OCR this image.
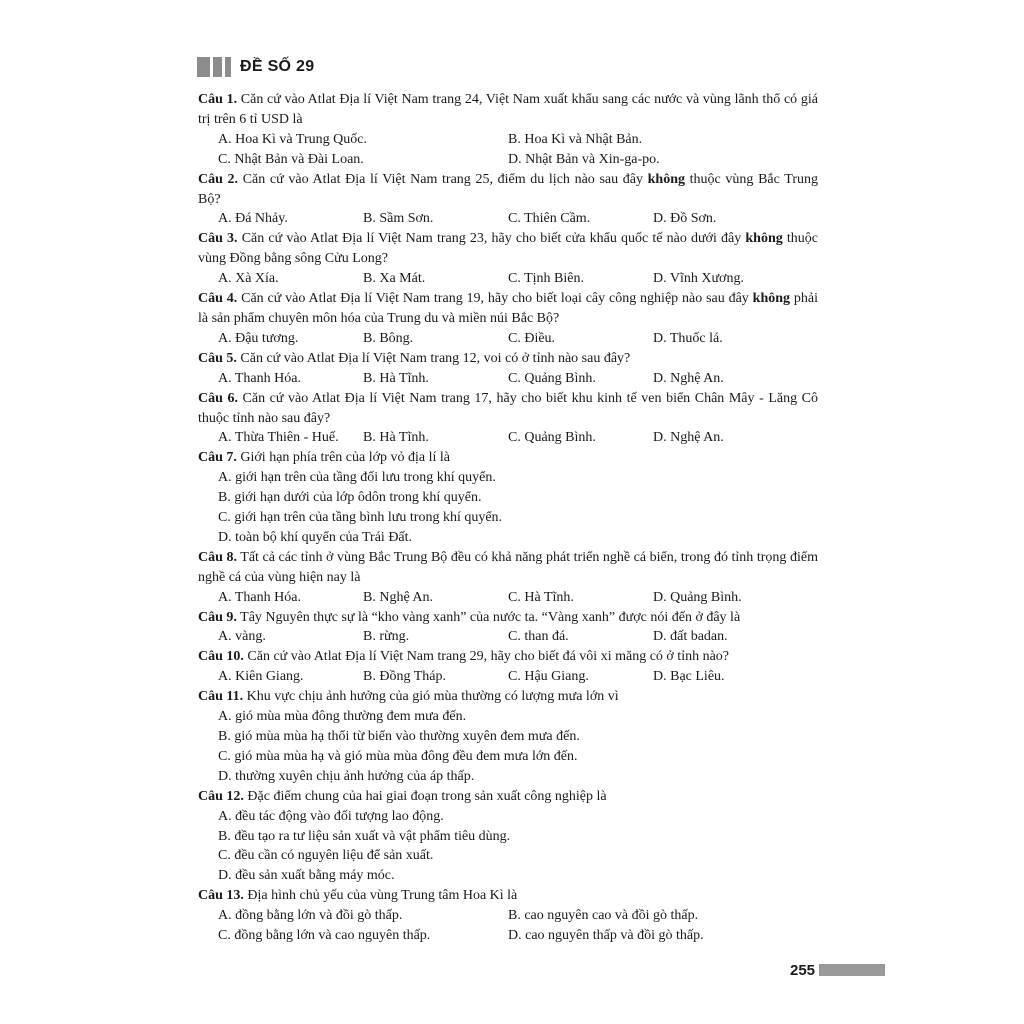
ĐỀ SỐ 29
Câu 1. Căn cứ vào Atlat Địa lí Việt Nam trang 24, Việt Nam xuất khẩu sang các nước và vùng lãnh thổ có giá trị trên 6 tỉ USD là
A. Hoa Kì và Trung Quốc.	B. Hoa Kì và Nhật Bản.
C. Nhật Bản và Đài Loan.	D. Nhật Bản và Xin-ga-po.
Câu 2. Căn cứ vào Atlat Địa lí Việt Nam trang 25, điểm du lịch nào sau đây không thuộc vùng Bắc Trung Bộ?
A. Đá Nhảy.	B. Sầm Sơn.	C. Thiên Cầm.	D. Đồ Sơn.
Câu 3. Căn cứ vào Atlat Địa lí Việt Nam trang 23, hãy cho biết cửa khẩu quốc tế nào dưới đây không thuộc vùng Đồng bằng sông Cửu Long?
A. Xà Xía.	B. Xa Mát.	C. Tịnh Biên.	D. Vĩnh Xương.
Câu 4. Căn cứ vào Atlat Địa lí Việt Nam trang 19, hãy cho biết loại cây công nghiệp nào sau đây không phải là sản phẩm chuyên môn hóa của Trung du và miền núi Bắc Bộ?
A. Đậu tương.	B. Bông.	C. Điều.	D. Thuốc lá.
Câu 5. Căn cứ vào Atlat Địa lí Việt Nam trang 12, voi có ở tỉnh nào sau đây?
A. Thanh Hóa.	B. Hà Tĩnh.	C. Quảng Bình.	D. Nghệ An.
Câu 6. Căn cứ vào Atlat Địa lí Việt Nam trang 17, hãy cho biết khu kinh tế ven biển Chân Mây - Lăng Cô thuộc tỉnh nào sau đây?
A. Thừa Thiên - Huế.	B. Hà Tĩnh.	C. Quảng Bình.	D. Nghệ An.
Câu 7. Giới hạn phía trên của lớp vỏ địa lí là
A. giới hạn trên của tầng đối lưu trong khí quyển.
B. giới hạn dưới của lớp ôdôn trong khí quyển.
C. giới hạn trên của tầng bình lưu trong khí quyển.
D. toàn bộ khí quyển của Trái Đất.
Câu 8. Tất cả các tỉnh ở vùng Bắc Trung Bộ đều có khả năng phát triển nghề cá biển, trong đó tỉnh trọng điểm nghề cá của vùng hiện nay là
A. Thanh Hóa.	B. Nghệ An.	C. Hà Tĩnh.	D. Quảng Bình.
Câu 9. Tây Nguyên thực sự là “kho vàng xanh” của nước ta. “Vàng xanh” được nói đến ở đây là
A. vàng.	B. rừng.	C. than đá.	D. đất badan.
Câu 10. Căn cứ vào Atlat Địa lí Việt Nam trang 29, hãy cho biết đá vôi xi măng có ở tỉnh nào?
A. Kiên Giang.	B. Đồng Tháp.	C. Hậu Giang.	D. Bạc Liêu.
Câu 11. Khu vực chịu ảnh hưởng của gió mùa thường có lượng mưa lớn vì
A. gió mùa mùa đông thường đem mưa đến.
B. gió mùa mùa hạ thổi từ biển vào thường xuyên đem mưa đến.
C. gió mùa mùa hạ và gió mùa mùa đông đều đem mưa lớn đến.
D. thường xuyên chịu ảnh hưởng của áp thấp.
Câu 12. Đặc điểm chung của hai giai đoạn trong sản xuất công nghiệp là
A. đều tác động vào đối tượng lao động.
B. đều tạo ra tư liệu sản xuất và vật phẩm tiêu dùng.
C. đều cần có nguyên liệu để sản xuất.
D. đều sản xuất bằng máy móc.
Câu 13. Địa hình chủ yếu của vùng Trung tâm Hoa Kì là
A. đồng bằng lớn và đồi gò thấp.	B. cao nguyên cao và đồi gò thấp.
C. đồng bằng lớn và cao nguyên thấp.	D. cao nguyên thấp và đồi gò thấp.
255
